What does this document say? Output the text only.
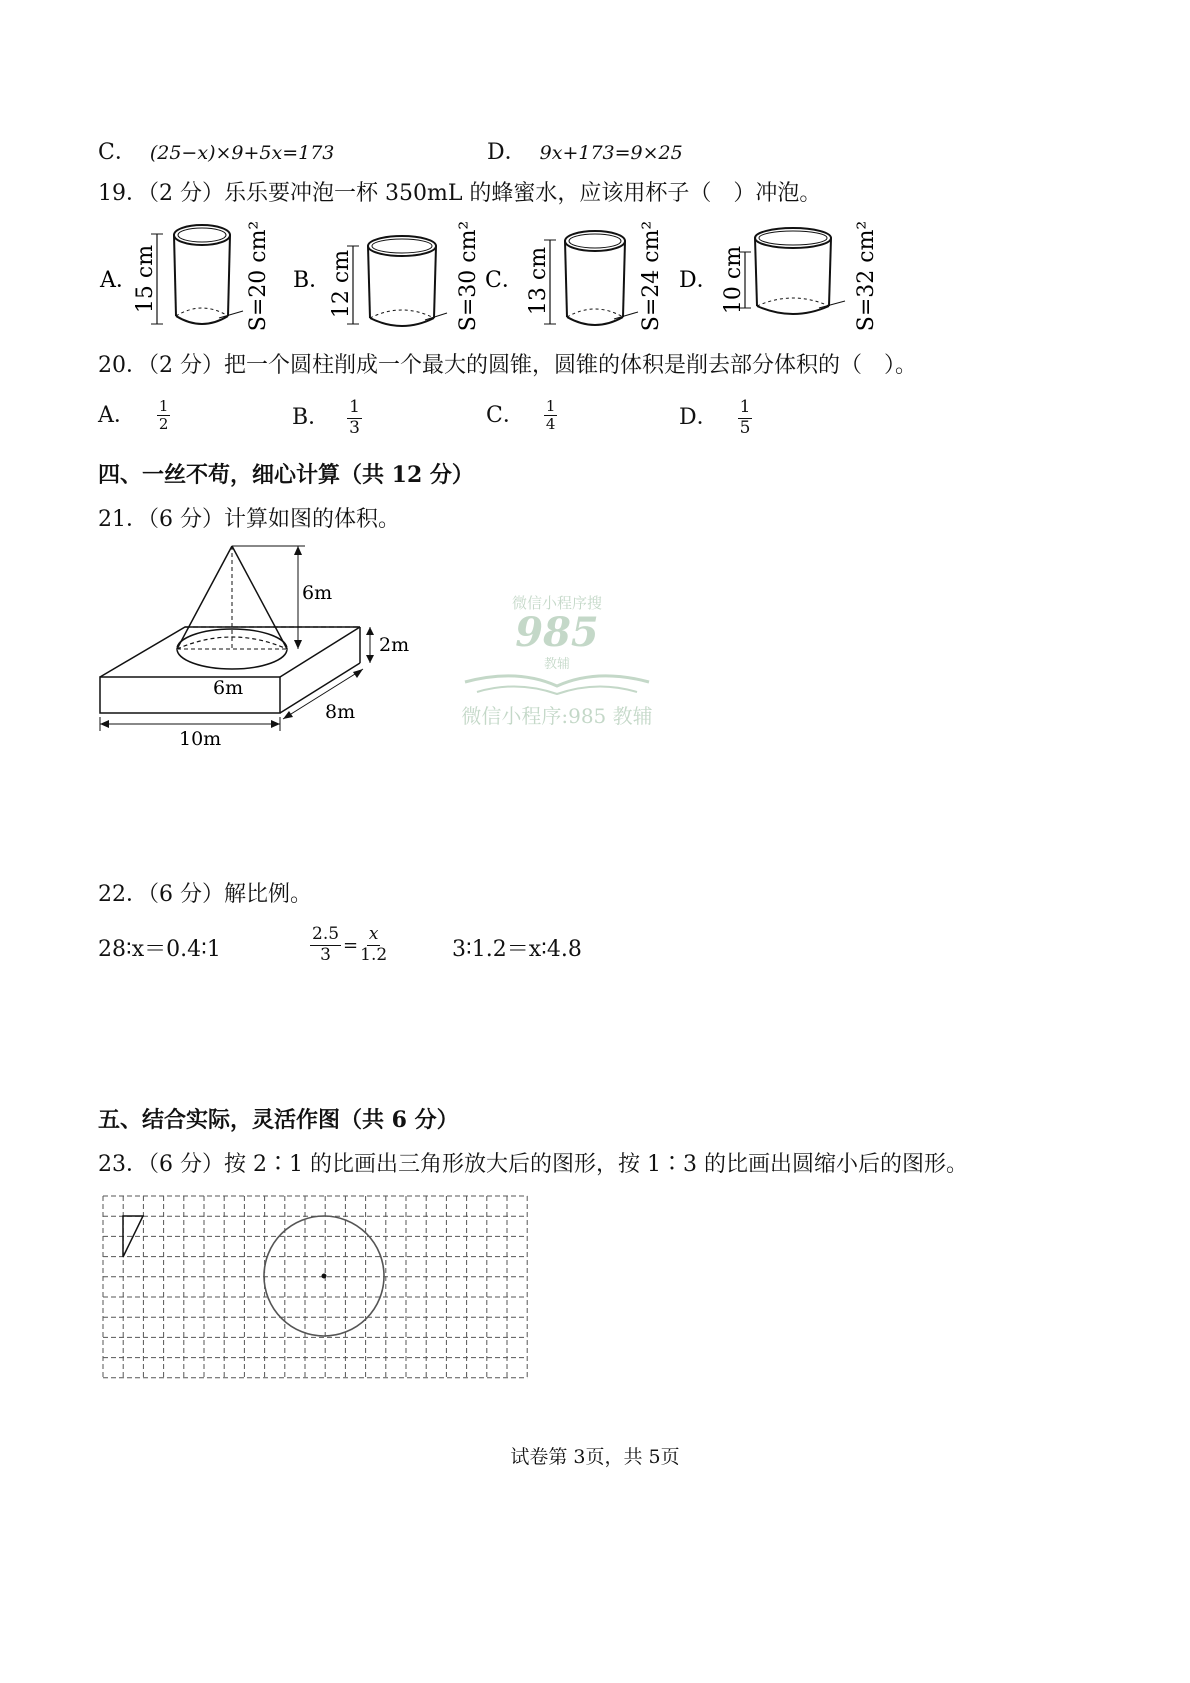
C． (25−x)×9+5x=173	D． 9x+173=9×25
19．（2 分）乐乐要冲泡一杯 350mL 的蜂蜜水，应该用杯子（　）冲泡。
A．
15 cm	S=20 cm² B．
12 cm	S=30 cm² C． 13 cm	S=24 cm² D． 10 cm	S=32 cm²
20．（2 分）把一个圆柱削成一个最大的圆锥，圆锥的体积是削去部分体积的（　）。
A． $\frac{1}{2}$	B． $\frac{1}{3}$	C． $\frac{1}{4}$	D． $\frac{1}{5}$
四、一丝不苟，细心计算（共 12 分）
21．（6 分）计算如图的体积。
6m
2m
6m
8m
10m
微信小程序搜
985
教辅
微信小程序:985 教辅
22．（6 分）解比例。
28∶x＝0.4∶1	$\frac{2.5}{3} = \frac{x}{1.2}$	3∶1.2＝x∶4.8
五、结合实际，灵活作图（共 6 分）
23．（6 分）按 2∶1 的比画出三角形放大后的图形，按 1∶3 的比画出圆缩小后的图形。
试卷第 3页，共 5页
